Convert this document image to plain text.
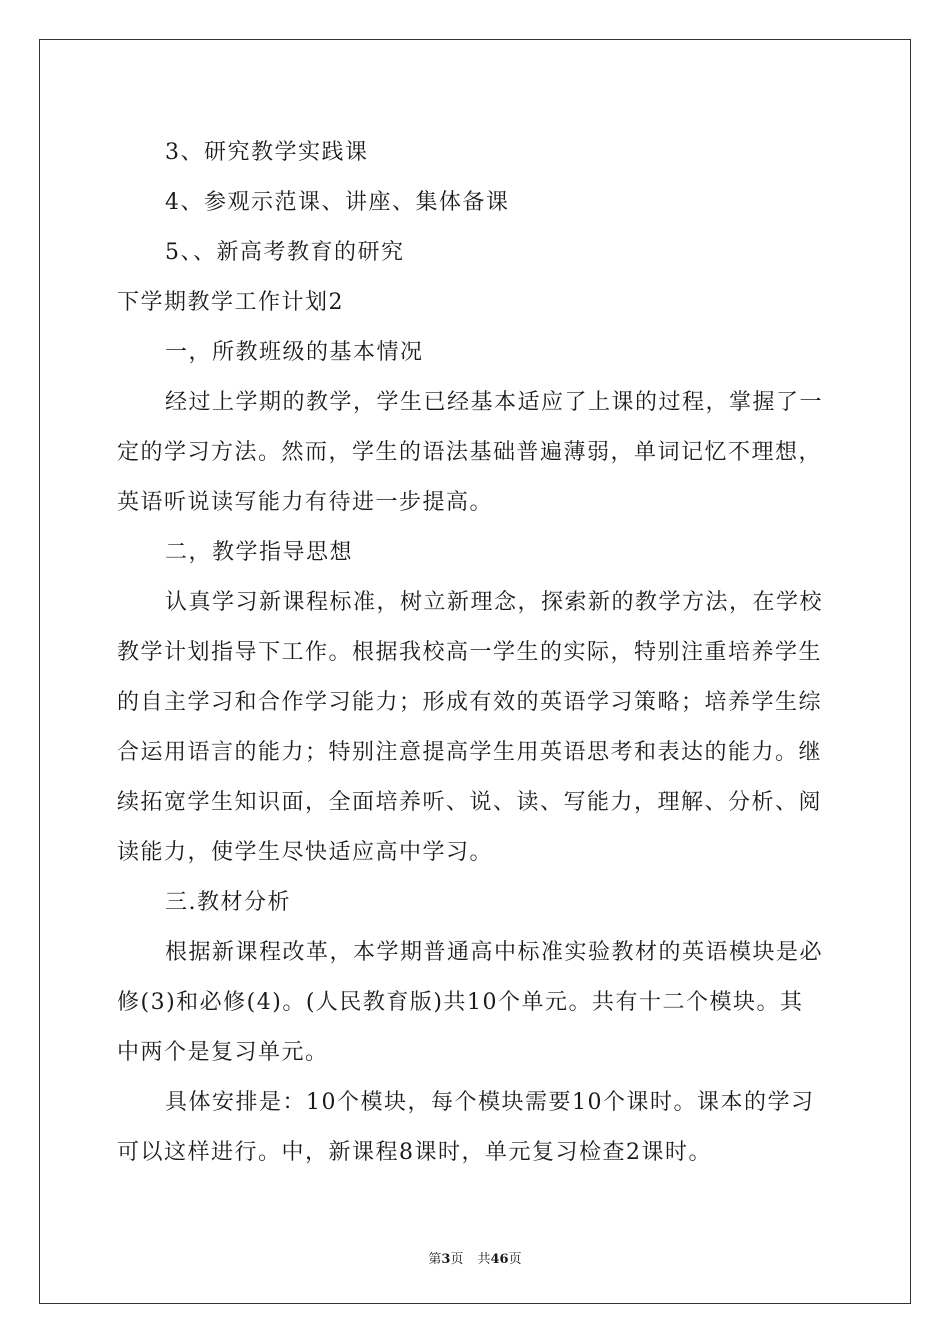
3、研究教学实践课
4、参观示范课、讲座、集体备课
5、、新高考教育的研究
下学期教学工作计划2
一，所教班级的基本情况
经过上学期的教学，学生已经基本适应了上课的过程，掌握了一
定的学习方法。然而，学生的语法基础普遍薄弱，单词记忆不理想，
英语听说读写能力有待进一步提高。
二，教学指导思想
认真学习新课程标准，树立新理念，探索新的教学方法，在学校
教学计划指导下工作。根据我校高一学生的实际，特别注重培养学生
的自主学习和合作学习能力；形成有效的英语学习策略；培养学生综
合运用语言的能力；特别注意提高学生用英语思考和表达的能力。继
续拓宽学生知识面，全面培养听、说、读、写能力，理解、分析、阅
读能力，使学生尽快适应高中学习。
三.教材分析
根据新课程改革，本学期普通高中标准实验教材的英语模块是必
修(3)和必修(4)。(人民教育版)共10个单元。共有十二个模块。其
中两个是复习单元。
具体安排是：10个模块，每个模块需要10个课时。课本的学习
可以这样进行。中，新课程8课时，单元复习检查2课时。
第3页 共46页
